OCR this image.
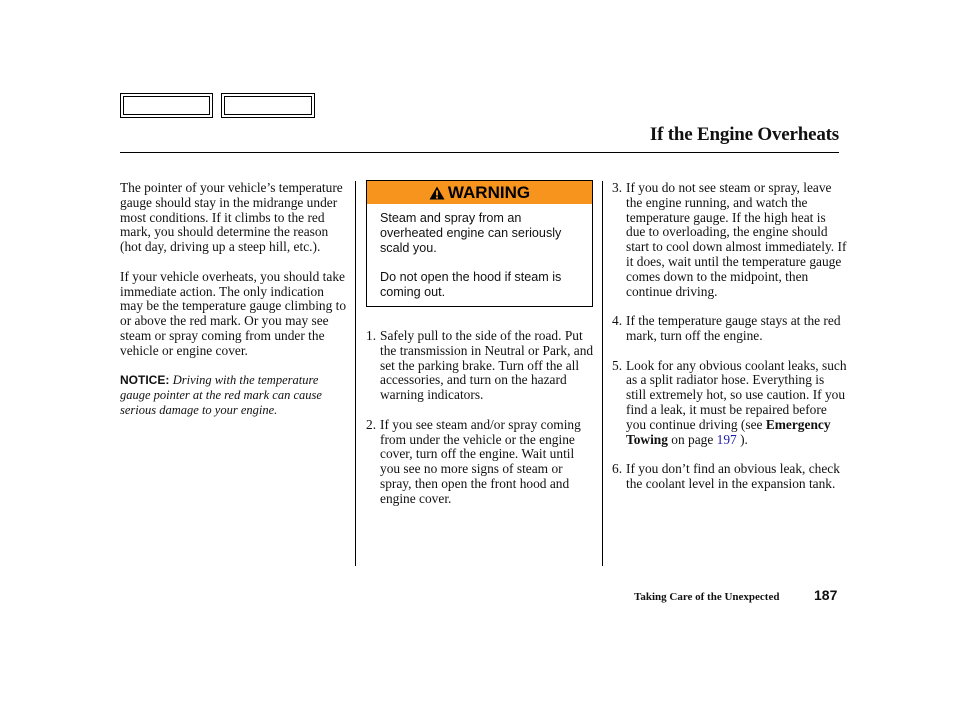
If the Engine Overheats

The pointer of your vehicle’s temperature gauge should stay in the midrange under most conditions. If it climbs to the red mark, you should determine the reason (hot day, driving up a steep hill, etc.).

If your vehicle overheats, you should take immediate action. The only indication may be the temperature gauge climbing to or above the red mark. Or you may see steam or spray coming from under the vehicle or engine cover.

NOTICE: Driving with the temperature gauge pointer at the red mark can cause serious damage to your engine.

WARNING

Steam and spray from an overheated engine can seriously scald you.

Do not open the hood if steam is coming out.

1. Safely pull to the side of the road. Put the transmission in Neutral or Park, and set the parking brake. Turn off the all accessories, and turn on the hazard warning indicators.
2. If you see steam and/or spray coming from under the vehicle or the engine cover, turn off the engine. Wait until you see no more signs of steam or spray, then open the front hood and engine cover.
3. If you do not see steam or spray, leave the engine running, and watch the temperature gauge. If the high heat is due to overloading, the engine should start to cool down almost immediately. If it does, wait until the temperature gauge comes down to the midpoint, then continue driving.
4. If the temperature gauge stays at the red mark, turn off the engine.
5. Look for any obvious coolant leaks, such as a split radiator hose. Everything is still extremely hot, so use caution. If you find a leak, it must be repaired before you continue driving (see Emergency Towing on page 197 ).
6. If you don’t find an obvious leak, check the coolant level in the expansion tank.
Taking Care of the Unexpected 187
